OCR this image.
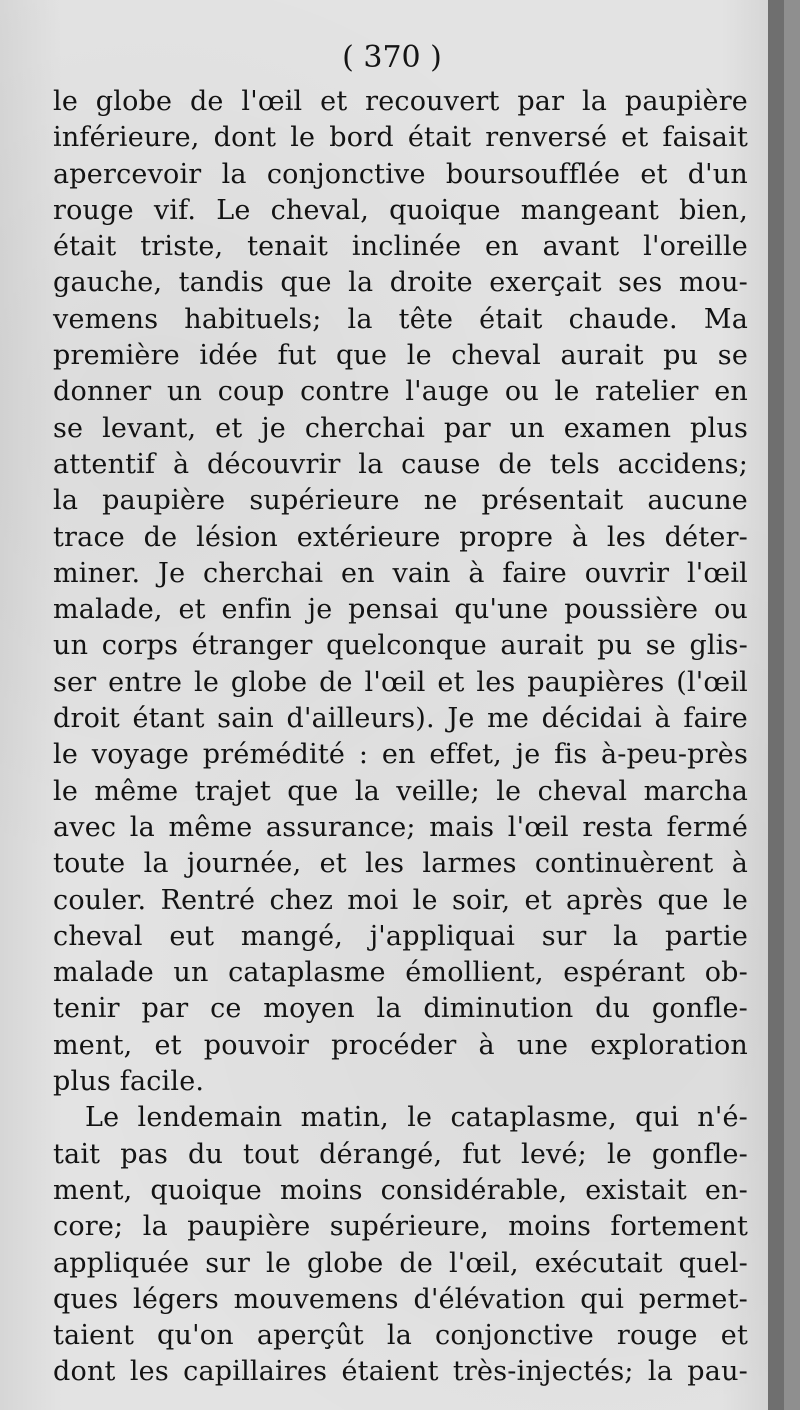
( 370 )
le globe de l'œil et recouvert par la paupière
inférieure, dont le bord était renversé et faisait
apercevoir la conjonctive boursoufflée et d'un
rouge vif. Le cheval, quoique mangeant bien,
était triste, tenait inclinée en avant l'oreille
gauche, tandis que la droite exerçait ses mou-
vemens habituels; la tête était chaude. Ma
première idée fut que le cheval aurait pu se
donner un coup contre l'auge ou le ratelier en
se levant, et je cherchai par un examen plus
attentif à découvrir la cause de tels accidens;
la paupière supérieure ne présentait aucune
trace de lésion extérieure propre à les déter-
miner. Je cherchai en vain à faire ouvrir l'œil
malade, et enfin je pensai qu'une poussière ou
un corps étranger quelconque aurait pu se glis-
ser entre le globe de l'œil et les paupières (l'œil
droit étant sain d'ailleurs). Je me décidai à faire
le voyage prémédité : en effet, je fis à-peu-près
le même trajet que la veille; le cheval marcha
avec la même assurance; mais l'œil resta fermé
toute la journée, et les larmes continuèrent à
couler. Rentré chez moi le soir, et après que le
cheval eut mangé, j'appliquai sur la partie
malade un cataplasme émollient, espérant ob-
tenir par ce moyen la diminution du gonfle-
ment, et pouvoir procéder à une exploration
plus facile.
Le lendemain matin, le cataplasme, qui n'é-
tait pas du tout dérangé, fut levé; le gonfle-
ment, quoique moins considérable, existait en-
core; la paupière supérieure, moins fortement
appliquée sur le globe de l'œil, exécutait quel-
ques légers mouvemens d'élévation qui permet-
taient qu'on aperçût la conjonctive rouge et
dont les capillaires étaient très-injectés; la pau-
